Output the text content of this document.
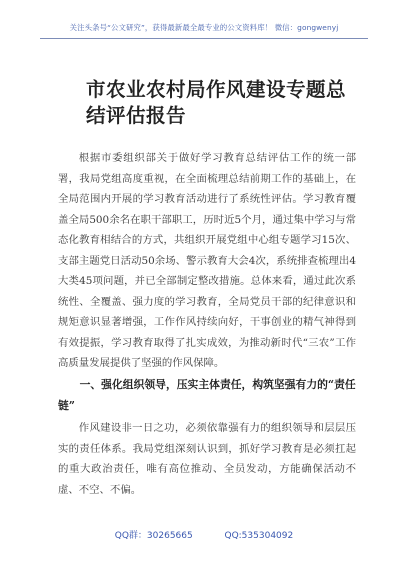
关注头条号“公文研究”，获得最新最全最专业的公文资料库！ 微信：gongwenyj
市农业农村局作风建设专题总结评估报告

根据市委组织部关于做好学习教育总结评估工作的统一部署，我局党组高度重视，在全面梳理总结前期工作的基础上，在全局范围内开展的学习教育活动进行了系统性评估。学习教育覆盖全局500余名在职干部职工，历时近5个月，通过集中学习与常态化教育相结合的方式，共组织开展党组中心组专题学习15次、支部主题党日活动50余场、警示教育大会4次，系统排查梳理出4大类45项问题，并已全部制定整改措施。总体来看，通过此次系统性、全覆盖、强力度的学习教育，全局党员干部的纪律意识和规矩意识显著增强，工作作风持续向好，干事创业的精气神得到有效提振，学习教育取得了扎实成效，为推动新时代“三农”工作高质量发展提供了坚强的作风保障。

一、强化组织领导，压实主体责任，构筑坚强有力的“责任链”

作风建设非一日之功，必须依靠强有力的组织领导和层层压实的责任体系。我局党组深刻认识到，抓好学习教育是必须扛起的重大政治责任，唯有高位推动、全员发动，方能确保活动不虚、不空、不偏。

QQ群：30265665	QQ:535304092
